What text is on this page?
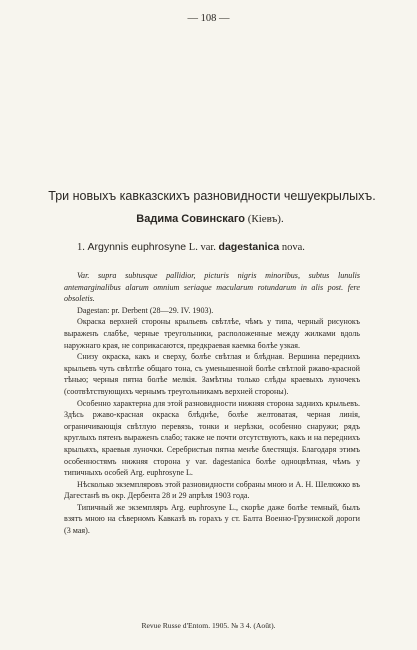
— 108 —
Три новыхъ кавказскихъ разновидности чешуекрылыхъ.
Вадима Совинскаго (Кіевъ).
1. Argynnis euphrosyne L. var. dagestanica nova.

Var. supra subtusque pallidior, picturis nigris minoribus, subtus lunulis antemarginalibus alarum omnium seriaque macularum rotundarum in alis post. fere obsoletis.

Dagestan: pr. Derbent (28—29. IV. 1903).

Окраска верхней стороны крыльевъ свѣтлѣе, чѣмъ у типа, черный рисунокъ выраженъ слабѣе, черные треугольники, расположенные между жилками вдоль наружнаго края, не соприкасаются, предкраевая каемка болѣе узкая.

Снизу окраска, какъ и сверху, болѣе свѣтлая и блѣдная. Вершина переднихъ крыльевъ чуть свѣтлѣе общаго тона, съ уменьшенной болѣе свѣтлой ржаво-красной тѣнью; черныя пятна болѣе мелкія. Замѣтны только слѣды краевыхъ луночекъ (соотвѣтствующихъ чернымъ треугольникамъ верхней стороны).

Особенно характерна для этой разновидности нижняя сторона заднихъ крыльевъ. Здѣсь ржаво-красная окраска блѣднѣе, болѣе желтоватая, черная линія, ограничивающія свѣтлую перевязь, тонки и нерѣзки, особенно снаружи; рядъ круглыхъ пятенъ выраженъ слабо; также не почти отсутствуютъ, какъ и на переднихъ крыльяхъ, краевыя луночки. Серебристыя пятна менѣе блестящія. Благодаря этимъ особенностямъ нижняя сторона у var. dagestanica болѣе одноцвѣтная, чѣмъ у типичныхъ особей Arg. euphrosyne L.

Нѣсколько экземпляровъ этой разновидности собраны мною и А. Н. Шелюжко въ Дагестанѣ въ окр. Дербента 28 и 29 апрѣля 1903 года.

Типичный же экземпляръ Arg. euphrosyne L., скорѣе даже болѣе темный, былъ взятъ мною на сѣверномъ Кавказѣ въ горахъ у ст. Балта Военно-Грузинской дороги (3 мая).

Revue Russe d'Entom. 1905. № 3 4. (Août).
